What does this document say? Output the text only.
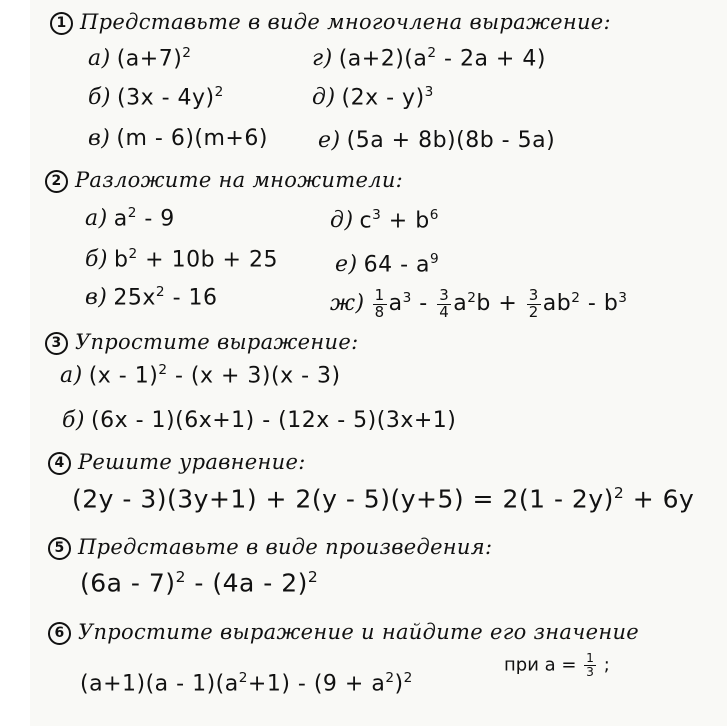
1 Представьте в виде многочлена выражение:
а) $(a+7)^2$	г) $(a+2)(a^2 - 2a + 4)$
б) (3x - 4y)$^2$	д) (2x - y)$^3$
в) (m - 6)(m+6) е) (5a + 8b)(8b - 5a)
2 Разложите на множители:
а) $a^2 - 9$	д) $c^3 + b^6$
б) $b^2 + 10b + 25$	е) $64 - a^9$
в) $25x^2 - 16$	$ж) \frac{1}{8} a^3 - \frac{3}{4} a^2b + \frac{3}{2} ab^2 - b^3$
3 Упростите выражение:
а) (x - 1)$^2$ - (x + 3)(x - 3)
б) (6x - 1)(6x+1) - (12x - 5)(3x+1)
4 Решите уравнение:
(2y - 3)(3y+1) + 2(y - 5)(y+5) = 2(1 - 2y)$^2$ + 6y
5 Представьте в виде произведения:
(6a - 7)$^2$ - (4a - 2)$^2$
6 Упростите выражение и найдите его значение
при $a = \frac{1}{3}$ ;
$(a+1)(a - 1)(a^2+1) - (9 + a^2)^2$
